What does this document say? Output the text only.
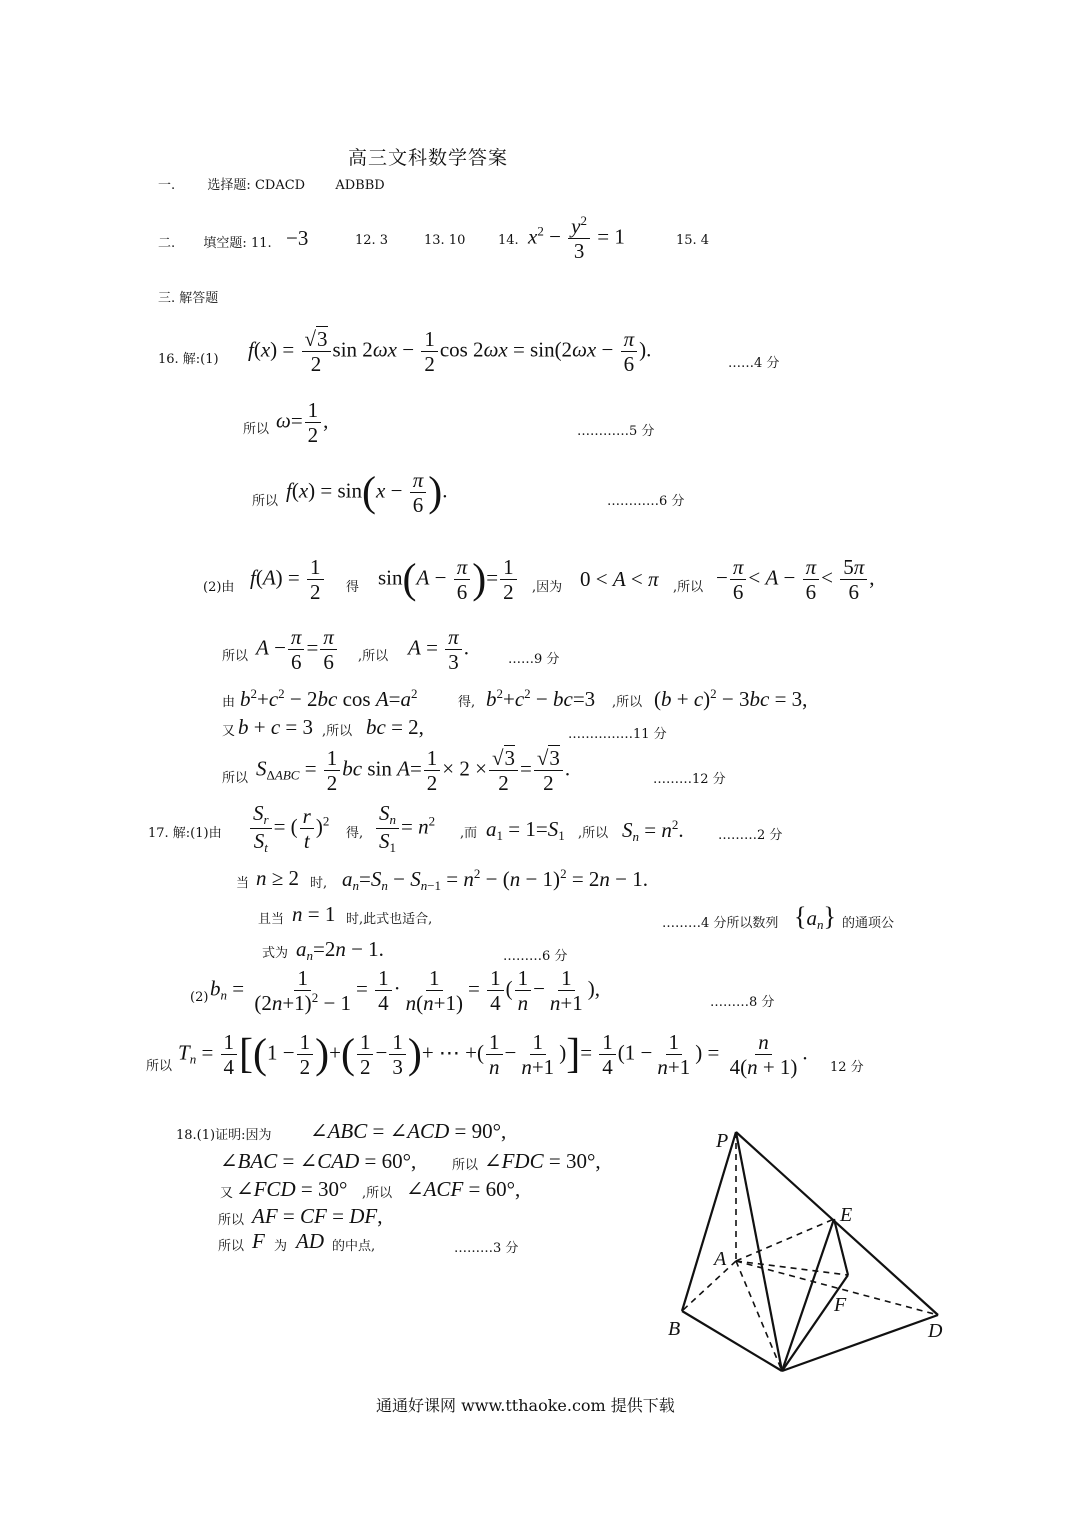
高三文科数学答案
一. 选择题: CDACD ADBBD
二. 填空题: 11. −3	12. 3	13. 10	14. $x^2 - \frac{y^2}{3} = 1$	15. 4
三. 解答题
16. 解:(1) $f(x) = \frac{√3}{2}$ $\sin 2\omega x - \frac{1}{2}$ $\cos 2\omega x = \sin(2\omega x - \frac{\pi}{6}$ ).
……4 分
所以 $\omega= \frac{1}{2}$ ,	…………5 分
所以 $f(x) = \sin(x - \frac{\pi}{6}$ ).	…………6 分
(2)由 $f(A) = \frac{1}{2}$ 得 $\sin(A - \frac{\pi}{6}$ )= $\frac{1}{2}$ ,因为 0 < A < π ,所以 − $\frac{\pi}{6} < A - \frac{\pi}{6} < \frac{5\pi}{6}$ ,
所以 $A - \frac{\pi}{6} = \frac{\pi}{6}$ ,所以 $A = \frac{\pi}{3}$ .
……9 分
由 $b^2+c^2 - 2bc$ $\cos A=a^2$
得, $b^2+c^2 - bc=3$ ,所以 $(b + c)^2 - 3bc = 3$,
又 b + c = 3 ,所以 bc = 2,	……………11 分
所以 $S_{\Delta ABC} = \frac{1}{2}$ bc $\sin A= \frac{1}{2} \times 2 \times \frac{√3}{2} = \frac{√3}{2}$ .	………12 分
17. 解:(1)由 $\frac{S_r}{S_t}$ = ( $\frac{r}{t} )^2$
得, $\frac{S_n}{S_1} = n^2$
,而 $a_1 = 1=S_1$ ,所以 $S_n = n^2$.	………2 分
当 n ≥ 2 时, $a_n=S_n - S_{n-1} = n^2 - (n - 1)^2 = 2n - 1$.
且当 n = 1 时,此式也适合,	………4 分所以数列 $\{a_n\}$ 的通项公
式为 $a_n=2n - 1$.	………6 分
(2) $b_n = \frac{1}{(2n+1)^2 - 1} = \frac{1}{4} \cdot \frac{1}{n(n+1)} = \frac{1}{4}$ ( $\frac{1}{n} - \frac{1}{n+1}$ ),
………8 分
所以
$T_n = \frac{1}{4} [(1 - \frac{1}{2}$ )+( $\frac{1}{2} - \frac{1}{3}$ )+ ⋯ +( $\frac{1}{n} - \frac{1}{n+1}$ )]= $\frac{1}{4} (1 - \frac{1}{n+1}$ ) = $\frac{n}{4(n + 1)}$ .
12 分
18.(1)证明:因为 ∠ABC = ∠ACD = 90°,
∠BAC = ∠CAD = 60°,	所以 ∠FDC = 30°,
又 ∠FCD = 30° ,所以 ∠ACF = 60°,
所以 AF = CF = DF,
所以 F 为 AD 的中点,	………3 分
P
E
A
F
B	D
通通好课网 www.tthaoke.com 提供下载
